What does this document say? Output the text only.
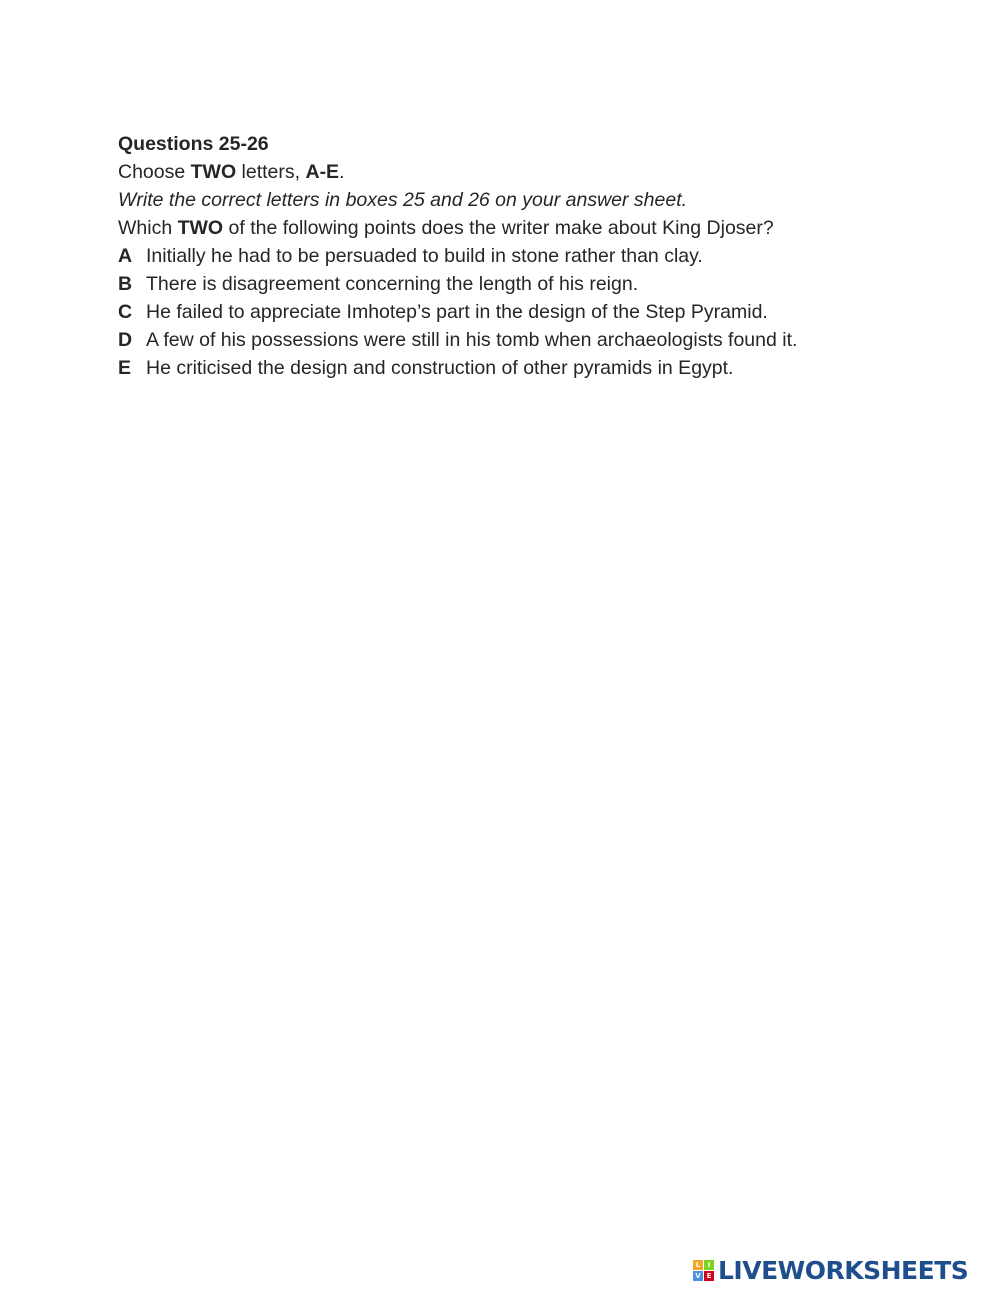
Questions 25-26
Choose TWO letters, A-E.
Write the correct letters in boxes 25 and 26 on your answer sheet.
Which TWO of the following points does the writer make about King Djoser?
A Initially he had to be persuaded to build in stone rather than clay.
B There is disagreement concerning the length of his reign.
C He failed to appreciate Imhotep’s part in the design of the Step Pyramid.
D A few of his possessions were still in his tomb when archaeologists found it.
E He criticised the design and construction of other pyramids in Egypt.
L	I
V E LIVEWORKSHEETS
